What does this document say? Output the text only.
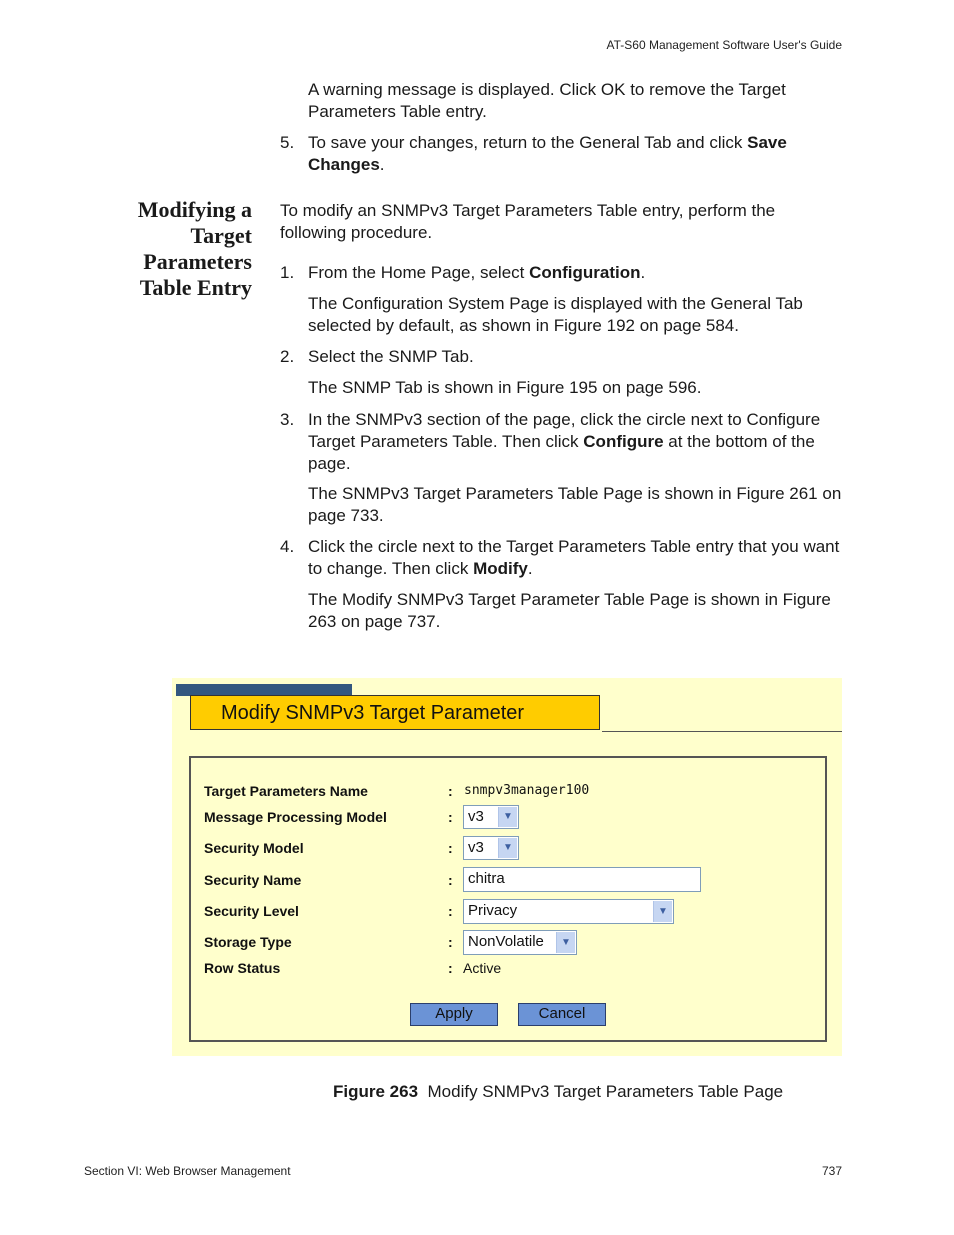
AT-S60 Management Software User's Guide
A warning message is displayed. Click OK to remove the Target Parameters Table entry.
5. To save your changes, return to the General Tab and click Save Changes.
Modifying a Target Parameters Table Entry
To modify an SNMPv3 Target Parameters Table entry, perform the following procedure.
1. From the Home Page, select Configuration.
The Configuration System Page is displayed with the General Tab selected by default, as shown in Figure 192 on page 584.
2. Select the SNMP Tab.
The SNMP Tab is shown in Figure 195 on page 596.
3. In the SNMPv3 section of the page, click the circle next to Configure Target Parameters Table. Then click Configure at the bottom of the page.
The SNMPv3 Target Parameters Table Page is shown in Figure 261 on page 733.
4. Click the circle next to the Target Parameters Table entry that you want to change. Then click Modify.
The Modify SNMPv3 Target Parameter Table Page is shown in Figure 263 on page 737.
Modify SNMPv3 Target Parameter
Target Parameters Name	: snmpv3manager100
Message Processing Model	:	v3	▼
Security Model	:	v3	▼
Security Name	:	chitra
Security Level	:	Privacy	▼
Storage Type	:	NonVolatile	▼
Row Status	: Active
Apply	Cancel
Figure 263 Modify SNMPv3 Target Parameters Table Page
Section VI: Web Browser Management	737
